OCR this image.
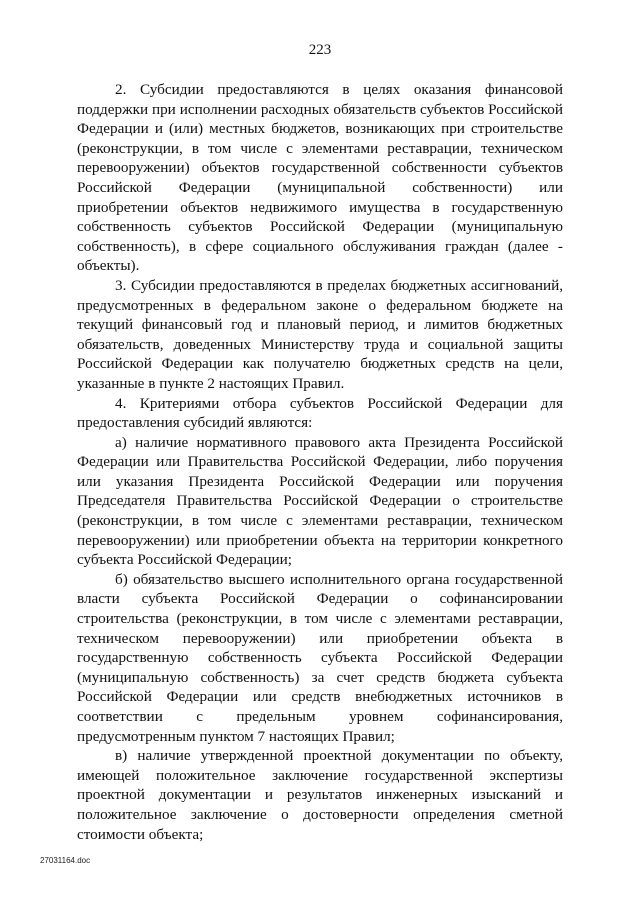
223

2. Субсидии предоставляются в целях оказания финансовой поддержки при исполнении расходных обязательств субъектов Российской Федерации и (или) местных бюджетов, возникающих при строительстве (реконструкции, в том числе с элементами реставрации, техническом перевооружении) объектов государственной собственности субъектов Российской Федерации (муниципальной собственности) или приобретении объектов недвижимого имущества в государственную собственность субъектов Российской Федерации (муниципальную собственность), в сфере социального обслуживания граждан (далее - объекты).

3. Субсидии предоставляются в пределах бюджетных ассигнований, предусмотренных в федеральном законе о федеральном бюджете на текущий финансовый год и плановый период, и лимитов бюджетных обязательств, доведенных Министерству труда и социальной защиты Российской Федерации как получателю бюджетных средств на цели, указанные в пункте 2 настоящих Правил.

4. Критериями отбора субъектов Российской Федерации для предоставления субсидий являются:

а) наличие нормативного правового акта Президента Российской Федерации или Правительства Российской Федерации, либо поручения или указания Президента Российской Федерации или поручения Председателя Правительства Российской Федерации о строительстве (реконструкции, в том числе с элементами реставрации, техническом перевооружении) или приобретении объекта на территории конкретного субъекта Российской Федерации;

б) обязательство высшего исполнительного органа государственной власти субъекта Российской Федерации о софинансировании строительства (реконструкции, в том числе с элементами реставрации, техническом перевооружении) или приобретении объекта в государственную собственность субъекта Российской Федерации (муниципальную собственность) за счет средств бюджета субъекта Российской Федерации или средств внебюджетных источников в соответствии с предельным уровнем софинансирования, предусмотренным пунктом 7 настоящих Правил;

в) наличие утвержденной проектной документации по объекту, имеющей положительное заключение государственной экспертизы проектной документации и результатов инженерных изысканий и положительное заключение о достоверности определения сметной стоимости объекта;

27031164.doc
